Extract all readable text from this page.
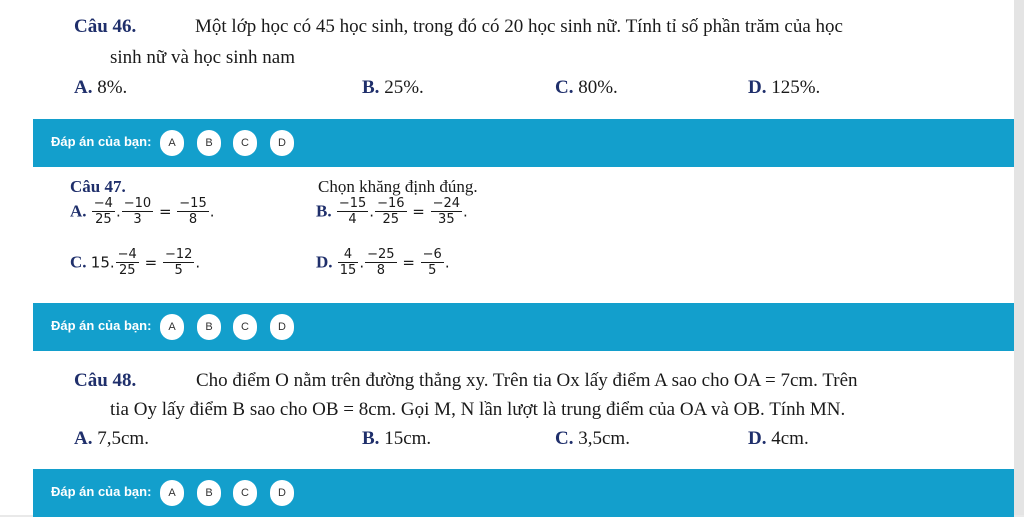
Câu 46.	Một lớp học có 45 học sinh, trong đó có 20 học sinh nữ. Tính tỉ số phần trăm của học
sinh nữ và học sinh nam
A. 8%.	B. 25%.	C. 80%.	D. 125%.
Đáp án của bạn:	A	B	C	D
Câu 47.	Chọn khăng định đúng.
A. $\frac{-4}{25}$ . $\frac{-10}{3} = \frac{-15}{8}$ .	B. $\frac{-15}{4}$ . $\frac{-16}{25} = \frac{-24}{35}$ .
C. 15. $\frac{-4}{25} = \frac{-12}{5}$ .	D. $\frac{4}{15}$ . $\frac{-25}{8} = \frac{-6}{5}$ .
Đáp án của bạn:	A	B	C	D
Câu 48.	Cho điểm O nằm trên đường thẳng xy. Trên tia Ox lấy điểm A sao cho OA = 7cm. Trên
tia Oy lấy điểm B sao cho OB = 8cm. Gọi M, N lần lượt là trung điểm của OA và OB. Tính MN.
A. 7,5cm.	B. 15cm.	C. 3,5cm.	D. 4cm.
Đáp án của bạn:	A	B	C	D
